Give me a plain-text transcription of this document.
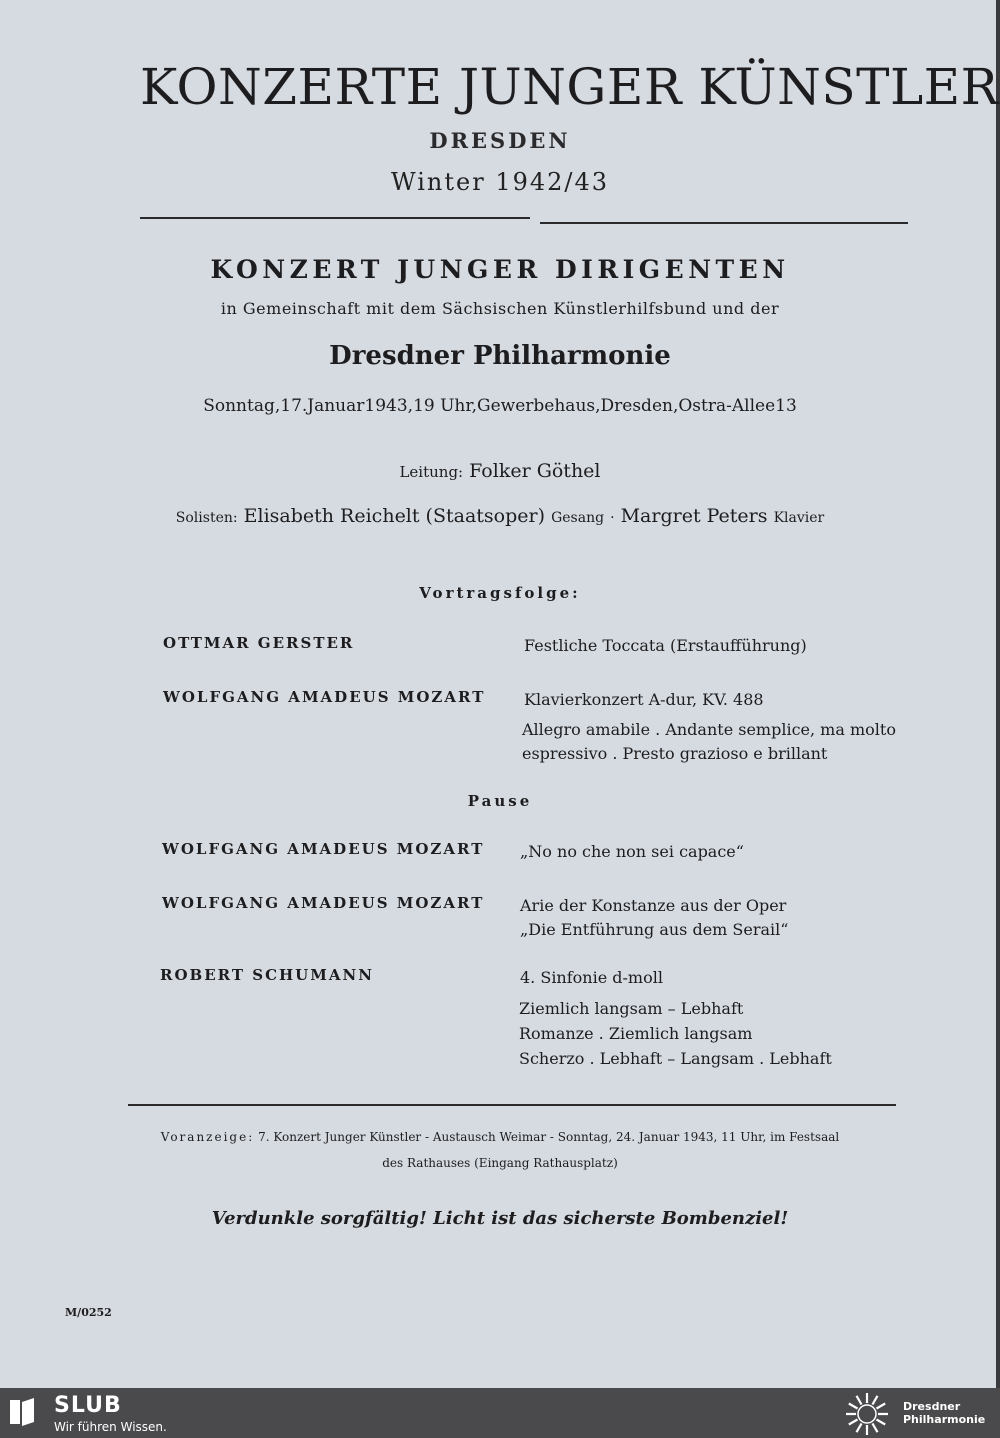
KONZERTE JUNGER KÜNSTLER
DRESDEN
Winter 1942/43
KONZERT JUNGER DIRIGENTEN
in Gemeinschaft mit dem Sächsischen Künstlerhilfsbund und der
Dresdner Philharmonie
Sonntag,17.Januar1943,19 Uhr,Gewerbehaus,Dresden,Ostra-Allee13
Leitung: Folker Göthel
Solisten: Elisabeth Reichelt (Staatsoper) Gesang · Margret Peters Klavier
Vortragsfolge:
OTTMAR GERSTER	Festliche Toccata (Erstaufführung)
WOLFGANG AMADEUS MOZART Klavierkonzert A-dur, KV. 488
Allegro amabile . Andante semplice, ma molto
espressivo . Presto grazioso e brillant
Pause
WOLFGANG AMADEUS MOZART „No no che non sei capace“
WOLFGANG AMADEUS MOZART Arie der Konstanze aus der Oper
„Die Entführung aus dem Serail“
ROBERT SCHUMANN	4. Sinfonie d-moll
Ziemlich langsam – Lebhaft
Romanze . Ziemlich langsam
Scherzo . Lebhaft – Langsam . Lebhaft
Voranzeige: 7. Konzert Junger Künstler - Austausch Weimar - Sonntag, 24. Januar 1943, 11 Uhr, im Festsaal
des Rathauses (Eingang Rathausplatz)
Verdunkle sorgfältig! Licht ist das sicherste Bombenziel!
M/0252
SLUB
Wir führen Wissen.
Dresdner
Philharmonie
